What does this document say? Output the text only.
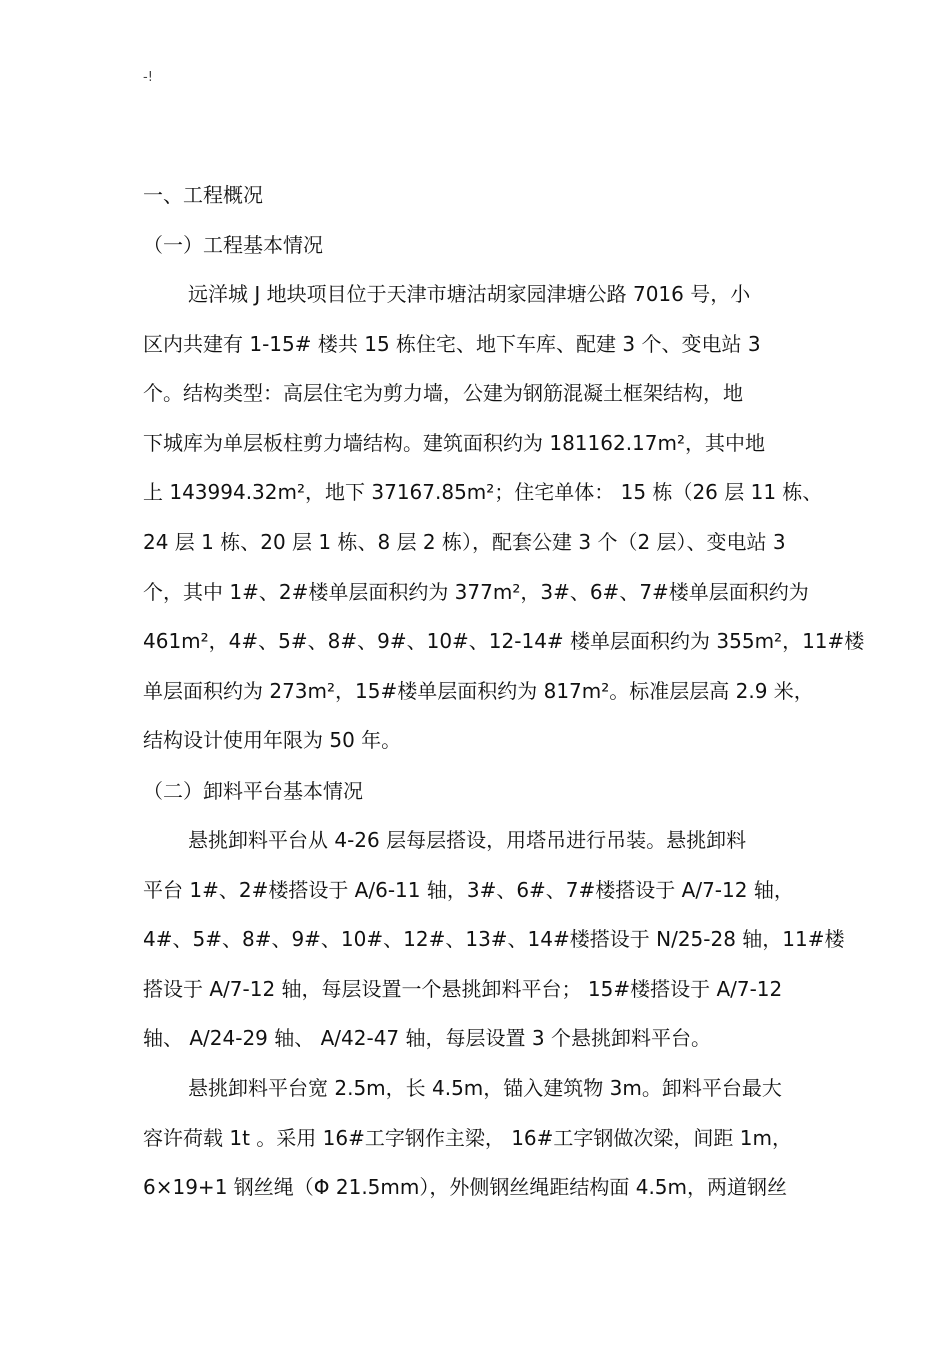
-!
一、工程概况
（一）工程基本情况
远洋城 J 地块项目位于天津市塘沽胡家园津塘公路 7016 号，小
区内共建有 1-15# 楼共 15 栋住宅、地下车库、配建 3 个、变电站 3
个。结构类型：高层住宅为剪力墙，公建为钢筋混凝土框架结构，地
下城库为单层板柱剪力墙结构。建筑面积约为 181162.17m²，其中地
上 143994.32m²，地下 37167.85m²；住宅单体： 15 栋（26 层 11 栋、
24 层 1 栋、20 层 1 栋、8 层 2 栋），配套公建 3 个（2 层）、变电站 3
个，其中 1#、2#楼单层面积约为 377m²，3#、6#、7#楼单层面积约为
461m²，4#、5#、8#、9#、10#、12-14# 楼单层面积约为 355m²，11#楼
单层面积约为 273m²，15#楼单层面积约为 817m²。标准层层高 2.9 米，
结构设计使用年限为 50 年。
（二）卸料平台基本情况
悬挑卸料平台从 4-26 层每层搭设，用塔吊进行吊装。悬挑卸料
平台 1#、2#楼搭设于 A/6-11 轴，3#、6#、7#楼搭设于 A/7-12 轴，
4#、5#、8#、9#、10#、12#、13#、14#楼搭设于 N/25-28 轴，11#楼
搭设于 A/7-12 轴，每层设置一个悬挑卸料平台； 15#楼搭设于 A/7-12
轴、 A/24-29 轴、 A/42-47 轴，每层设置 3 个悬挑卸料平台。
悬挑卸料平台宽 2.5m，长 4.5m，锚入建筑物 3m。卸料平台最大
容许荷载 1t 。采用 16#工字钢作主梁， 16#工字钢做次梁，间距 1m，
6×19+1 钢丝绳（Φ 21.5mm），外侧钢丝绳距结构面 4.5m，两道钢丝
